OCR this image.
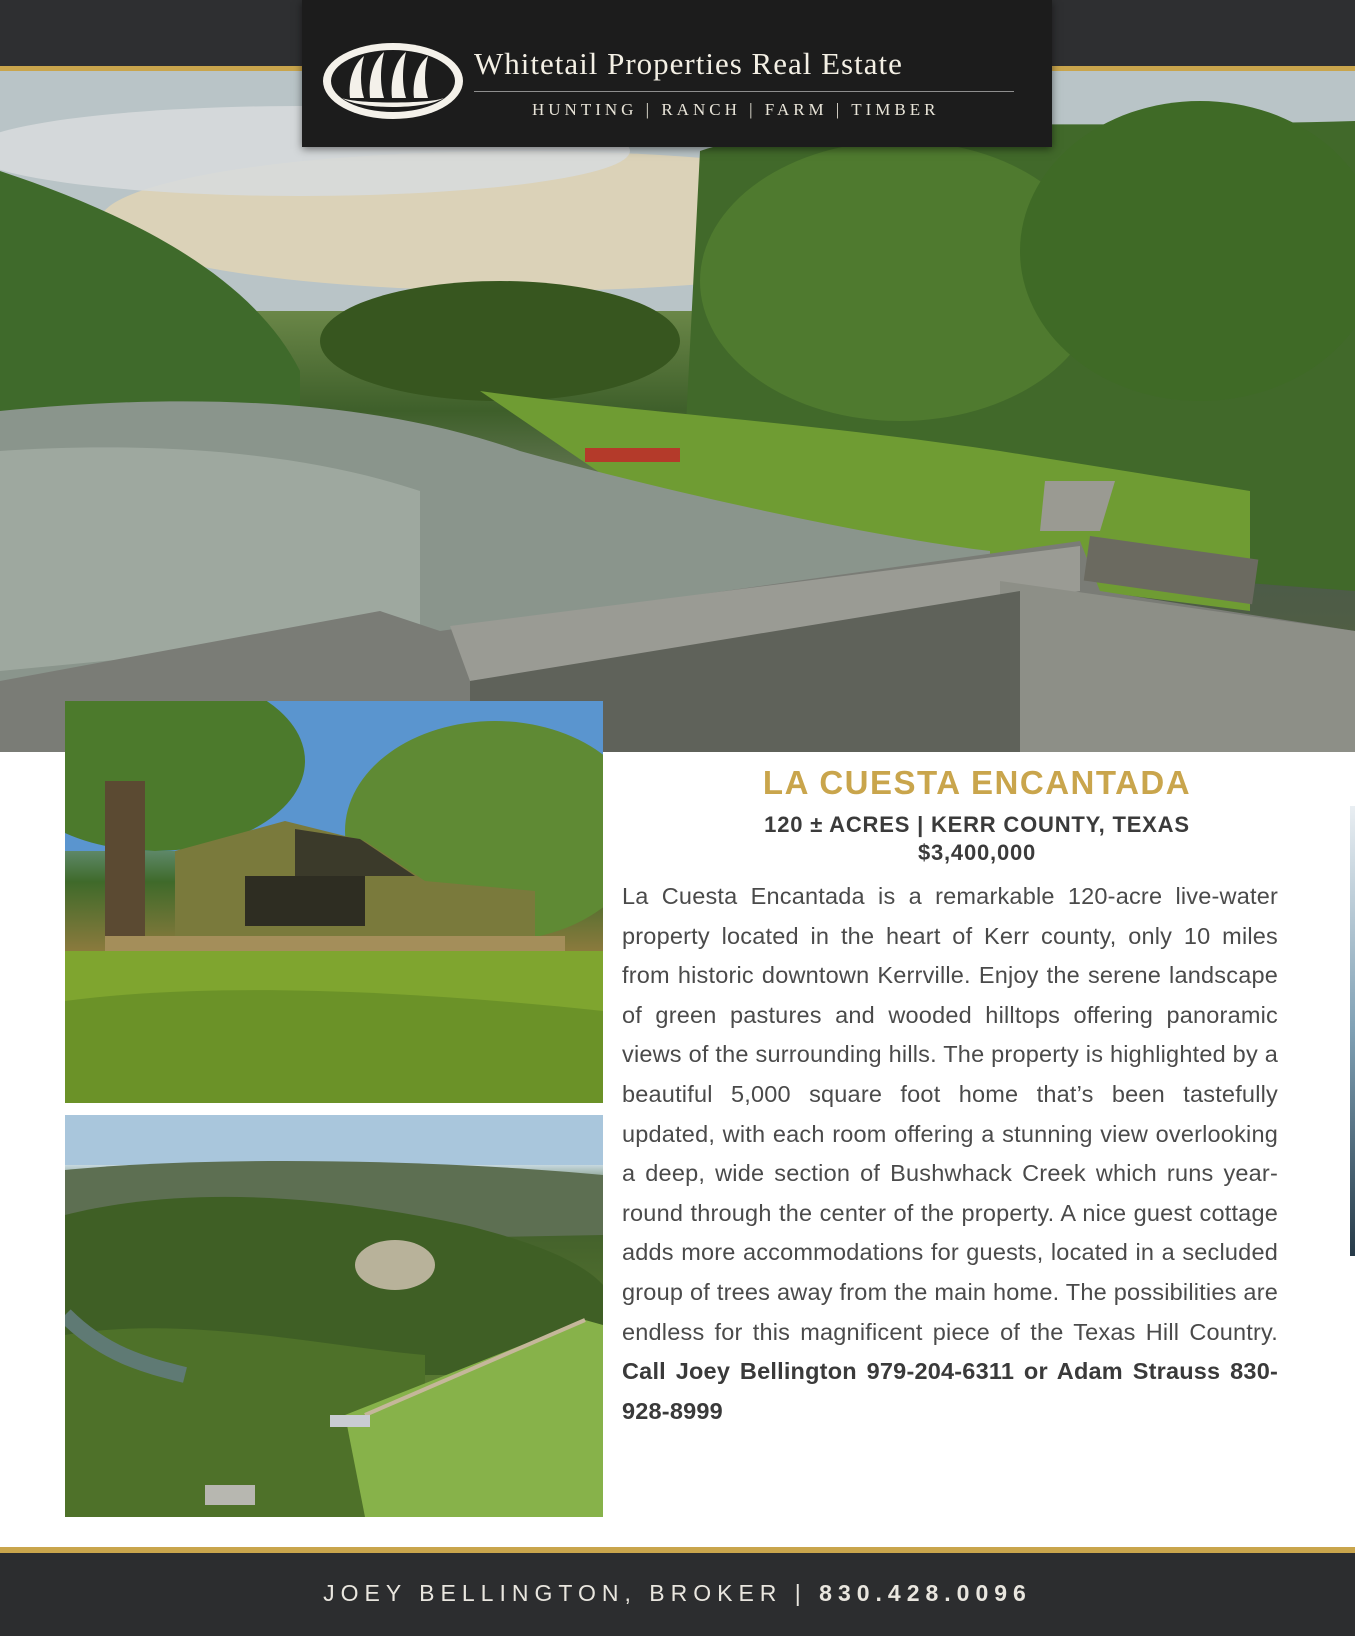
Whitetail Properties Real Estate
HUNTING | RANCH | FARM | TIMBER
LA CUESTA ENCANTADA
120 ± ACRES | KERR COUNTY, TEXAS
$3,400,000
La Cuesta Encantada is a remarkable 120-acre live-water property located in the heart of Kerr county, only 10 miles from historic downtown Kerrville. Enjoy the serene landscape of green pastures and wooded hilltops offering panoramic views of the surrounding hills. The property is highlighted by a beautiful 5,000 square foot home that’s been tastefully updated, with each room offering a stunning view overlooking a deep, wide section of Bushwhack Creek which runs year-round through the center of the property. A nice guest cottage adds more accommodations for guests, located in a secluded group of trees away from the main home. The possibilities are endless for this magnificent piece of the Texas Hill Country. Call Joey Bellington 979-204-6311 or Adam Strauss 830-928-8999
JOEY BELLINGTON, BROKER | 830.428.0096
